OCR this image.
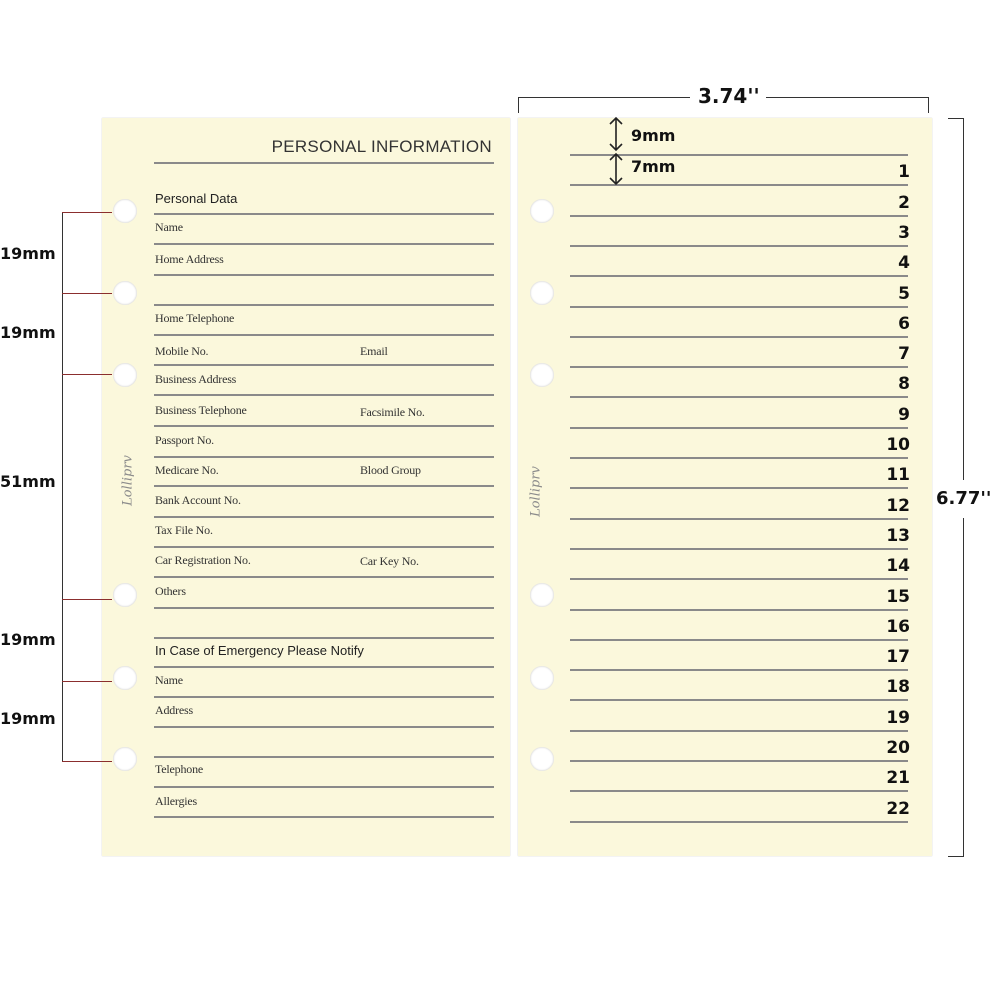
Lolliprv
PERSONAL INFORMATION
Personal Data
Name
Home Address
Home Telephone
Mobile No.	Email
Business Address
Business Telephone	Facsimile No.
Passport No.
Medicare No.	Blood Group
Bank Account No.
Tax File No.
Car Registration No.	Car Key No.
Others
In Case of Emergency Please Notify
Name
Address
Telephone
Allergies
Lolliprv
1
2
3
4
5
6
7
8
9
10
11
12
13
14
15
16
17
18
19
20
21
22
3.74''
6.77''
9mm
7mm
19mm
19mm
51mm
19mm
19mm
